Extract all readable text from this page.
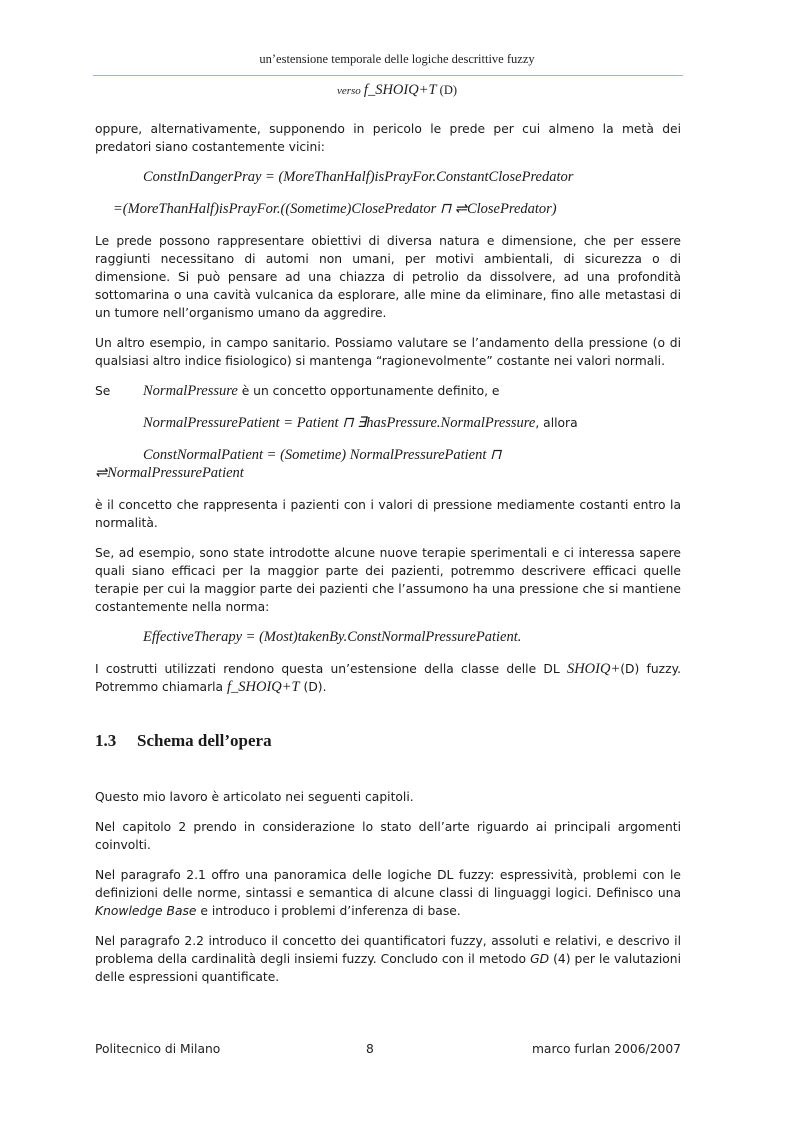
un’estensione temporale delle logiche descrittive fuzzy
verso f_SHOIQ+T (D)

oppure, alternativamente, supponendo in pericolo le prede per cui almeno la metà dei predatori siano costantemente vicini:

ConstInDangerPray = (MoreThanHalf)isPrayFor.ConstantClosePredator
=(MoreThanHalf)isPrayFor.((Sometime)ClosePredator ⊓ ⇌ClosePredator)

Le prede possono rappresentare obiettivi di diversa natura e dimensione, che per essere raggiunti necessitano di automi non umani, per motivi ambientali, di sicurezza o di dimensione. Si può pensare ad una chiazza di petrolio da dissolvere, ad una profondità sottomarina o una cavità vulcanica da esplorare, alle mine da eliminare, fino alle metastasi di un tumore nell’organismo umano da aggredire.

Un altro esempio, in campo sanitario. Possiamo valutare se l’andamento della pressione (o di qualsiasi altro indice fisiologico) si mantenga “ragionevolmente” costante nei valori normali.

Se	NormalPressure è un concetto opportunamente definito, e
NormalPressurePatient = Patient ⊓ ∃hasPressure.NormalPressure, allora
ConstNormalPatient = (Sometime) NormalPressurePatient ⊓
⇌NormalPressurePatient

è il concetto che rappresenta i pazienti con i valori di pressione mediamente costanti entro la normalità.

Se, ad esempio, sono state introdotte alcune nuove terapie sperimentali e ci interessa sapere quali siano efficaci per la maggior parte dei pazienti, potremmo descrivere efficaci quelle terapie per cui la maggior parte dei pazienti che l’assumono ha una pressione che si mantiene costantemente nella norma:

EffectiveTherapy = (Most)takenBy.ConstNormalPressurePatient.

I costrutti utilizzati rendono questa un’estensione della classe delle DL SHOIQ+(D) fuzzy. Potremmo chiamarla f_SHOIQ+T (D).

1.3 Schema dell’opera

Questo mio lavoro è articolato nei seguenti capitoli.

Nel capitolo 2 prendo in considerazione lo stato dell’arte riguardo ai principali argomenti coinvolti.

Nel paragrafo 2.1 offro una panoramica delle logiche DL fuzzy: espressività, problemi con le definizioni delle norme, sintassi e semantica di alcune classi di linguaggi logici. Definisco una Knowledge Base e introduco i problemi d’inferenza di base.

Nel paragrafo 2.2 introduco il concetto dei quantificatori fuzzy, assoluti e relativi, e descrivo il problema della cardinalità degli insiemi fuzzy. Concludo con il metodo GD (4) per le valutazioni delle espressioni quantificate.

Politecnico di Milano	8	marco furlan 2006/2007
